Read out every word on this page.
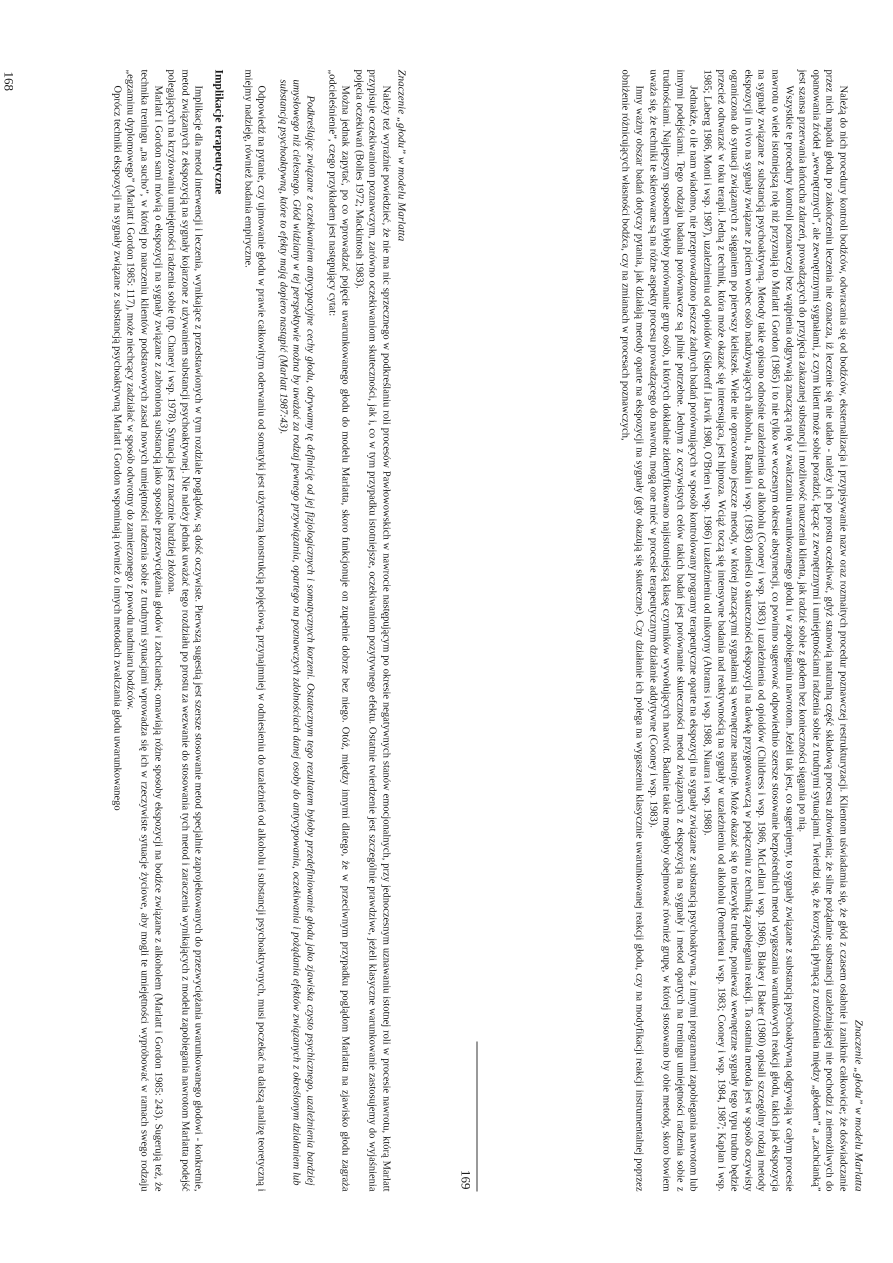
Znaczenie „głodu” w modelu Marlatta

Należy też wyraźnie powiedzieć, że nie ma nic sprzecznego w podkreślaniu roli procesów Pawłowowskich w nawrocie następującym po okresie negatywnych stanów emocjonalnych, przy jednoczesnym uznawaniu istotnej roli w procesie nawrotu, którą Marlatt przypisuje oczekiwaniom poznawczym, zarówno oczekiwaniom skuteczności, jak i, co w tym przypadku istotniejsze, oczekiwaniom pozytywnego efektu. Ostatnie twierdzenie jest szczególnie prawdziwe, jeżeli klasyczne warunkowanie zastosujemy do wyjaśnienia pojęcia oczekiwań (Bolles 1972; Mackintosh 1983).

Można jednak zapytać, po co wprowadzać pojęcie uwarunkowanego głodu do modelu Marlatta, skoro funkcjonuje on zupełnie dobrze bez niego. Otóż, między innymi dlatego, że w przeciwnym przypadku poglądom Marlatta na zjawisko głodu zagraża „odcieleśnienie”, czego przykładem jest następujący cytat:

Podkreślając związane z oczekiwaniem antycypacyjne cechy głodu, odrywamy tę definicję od jej fizjologicznych i somatycznych korzeni. Ostatecznym tego rezultatem byłoby przedefiniowanie głodu jako zjawiska czysto psychicznego, uzależnienia bardziej umysłowego niż cielesnego. Głód widziany w tej perspektywie można by uważać za rodzaj pewnego przywiązania, opartego na poznawczych zdolnościach danej osoby do antycypowania, oczekiwania i pożądania efektów związanych z określonym działaniem lub substancją psychoaktywną, które to efekty mają dopiero nastąpić (Marlatt 1987:43).

Odpowiedź na pytanie, czy ujmowanie głodu w prawie całkowitym oderwaniu od somatyki jest użyteczną konstrukcją pojęciową, przynajmniej w odniesieniu do uzależnień od alkoholu i substancji psychoaktywnych, musi poczekać na dalszą analizę teoretyczną i miejmy nadzieję, również badania empiryczne.

Implikacje terapeutyczne

Implikacje dla metod interwencji i leczenia, wynikające z przedstawionych w tym rozdziale poglądów, są dość oczywiste. Pierwszą sugestią jest szersze stosowanie metod specjalnie zaprojektowanych do przezwyciężania uwarunkowanego głodowi - konkretnie, metod związanych z ekspozycją na sygnały kojarzone z używaniem substancji psychoaktywnej. Nie należy jednak uważać tego rozdziału po prostu za wezwanie do stosowania tych metod i zaraczenia wynikających z modelu zapobiegania nawrotom Marlatta podejść polegających na krzyżowaniu umiejętności radzenia sobie (np. Chaney i wsp. 1978). Sytuacja jest znacznie bardziej złożona.

Marlatt i Gordon sami mówią o ekspozycji na sygnały związane z zabronioną substancją jako sposobie przezwyciężania głodów i zachcianek; omawiają różne sposoby ekspozycji na bodźce związane z alkoholem (Marlatt i Gordon 1985: 243). Sugerują też, że technika treningu „na sucho”, w której po nauczeniu klientów podstawowych zasad nowych umiejętności radzenia sobie z trudnymi sytuacjami wprowadza się ich w rzeczywiste sytuacje życiowe, aby mogli te umiejętności wypróbować w ramach swego rodzaju „egzaminu dyplomowego” (Marlatt i Gordon 1985: 117), może niechcący zadziałać w sposób odwrotny do zamierzonego z powodu nadmiaru bodźców.

Oprócz techniki ekspozycji na sygnały związane z substancją psychoaktywną Marlatt i Gordon wspominają również o innych metodach zwalczania głodu uwarunkowanego

168
Znaczenie „głodu” w modelu Marlatta

Należą do nich procedury kontroli bodźców, odwracania się od bodźców, eksternalizacja i przypisywanie nazw oraz rozmaitych procedur poznawczej restrukturyzacji. Klientom uświadamia się, że głód z czasem osłabnie i zaniknie całkowicie; że doświadczanie przez nich napadu głodu po zakończeniu leczenia nie oznacza, iż leczenie się nie udało - należy ich po prostu oczekiwać, gdyż stanowią naturalną część składową procesu zdrowienia; że silne pożądanie substancji uzależniającej nie pochodzi z niemożliwych do opanowania źródeł „wewnętrznych”, ale zewnętrznymi sygnałami, z czym klient może sobie poradzić, łącząc z zewnętrznymi i umiejętnościami radzenia sobie z trudnymi sytuacjami. Twierdzi się, że korzyścią płynącą z rozróżnienia między „głodem” a „zachcianką” jest szansa przerwania łańcucha zdarzeń, prowadzących do przyjęcia zakazanej substancji i możliwość nauczenia klienta, jak radzić sobie z głodem bez konieczności sięgania po nią.

Wszystkie te procedury kontroli poznawczej bez wątpienia odgrywają znaczącą rolę w zwalczaniu uwarunkowanego głodu i w zapobieganiu nawrotom. Jeżeli tak jest, co sugerujemy, to sygnały związane z substancją psychoaktywną odgrywają w całym procesie nawrotu o wiele istotniejszą rolę niż przyznają to Marlatt i Gordon (1985) i to nie tylko we wczesnym okresie abstynencji, co powinno sugerować odpowiednio szersze stosowanie bezpośrednich metod wygaszania warunkowych reakcji głodu, takich jak ekspozycja na sygnały związane z substancją psychoaktywną. Metody takie opisano odnośnie uzależnienia od alkoholu (Cooney i wsp. 1983) i uzależnienia od opioidów (Childress i wsp. 1986, McLellan i wsp. 1986). Blakey i Baker (1980) opisali szczególny rodzaj metody ekspozycji in vivo na sygnały związane z piciem wobec osób nadużywających alkoholu, a Rankin i wsp. (1983) donieśli o skuteczności ekspozycji na dawkę przygotowawczą w połączeniu z techniką zapobiegania reakcji. Ta ostatnia metoda jest w sposób oczywisty ograniczona do sytuacji związanych z sięganiem po pierwszy kieliszek. Wiele nie opracowano jeszcze metody, w której znaczącymi sygnałami są wewnętrzne nastroje. Może okazać się to niezwykle trudne, ponieważ wewnętrzne sygnały tego typu trudno będzie przecież odtwarzać w toku terapii. Jedną z technik, która może okazać się interesująca, jest hipnoza. Wciąż toczą się intensywne badania nad reaktywnością na sygnały w uzależnieniu od alkoholu (Pomerleau i wsp. 1983; Cooney i wsp. 1984, 1987; Kaplan i wsp. 1985; Laberg 1986, Monti i wsp. 1987), uzależnieniu od opioidów (Sideroff i Jarvik 1980, O'Brien i wsp. 1986) i uzależnieniu od nikotyny (Abrams i wsp. 1988, Niaura i wsp. 1988).

Jednakże, o ile nam wiadomo, nie przeprowadzono jeszcze żadnych badań porównujących w sposób kontrolowany programy terapeutyczne oparte na ekspozycji na sygnały związane z substancją psychoaktywną, z innymi programami zapobiegania nawrotom lub innymi podejściami. Tego rodzaju badania porównawcze są pilnie potrzebne. Jednym z oczywistych celów takich badań jest porównanie skuteczności metod związanych z ekspozycją na sygnały i metod opartych na treningu umiejętności radzenia sobie z trudnościami. Najlepszym sposobem byłoby porównanie grup osób, u których dokładnie zidentyfikowano najistotniejszą klasę czynników wywołujących nawrót. Badanie takie mogłoby obejmować również grupę, w której stosowano by obie metody, skoro bowiem uważa się, że techniki te skierowane są na różne aspekty procesu prowadzącego do nawrotu, mogą one mieć w procesie terapeutycznym działanie addytywne (Cooney i wsp. 1983).

Inny ważny obszar badań dotyczy pytania, jak działają metody oparte na ekspozycji na sygnały (gdy okazują się skuteczne). Czy działanie ich polega na wygaszeniu klasycznie uwarunkowanej reakcji głodu, czy na modyfikacji reakcji instrumentalnej poprzez obniżenie różnicujących własności bodźca, czy na zmianach w procesach poznawczych,

169
